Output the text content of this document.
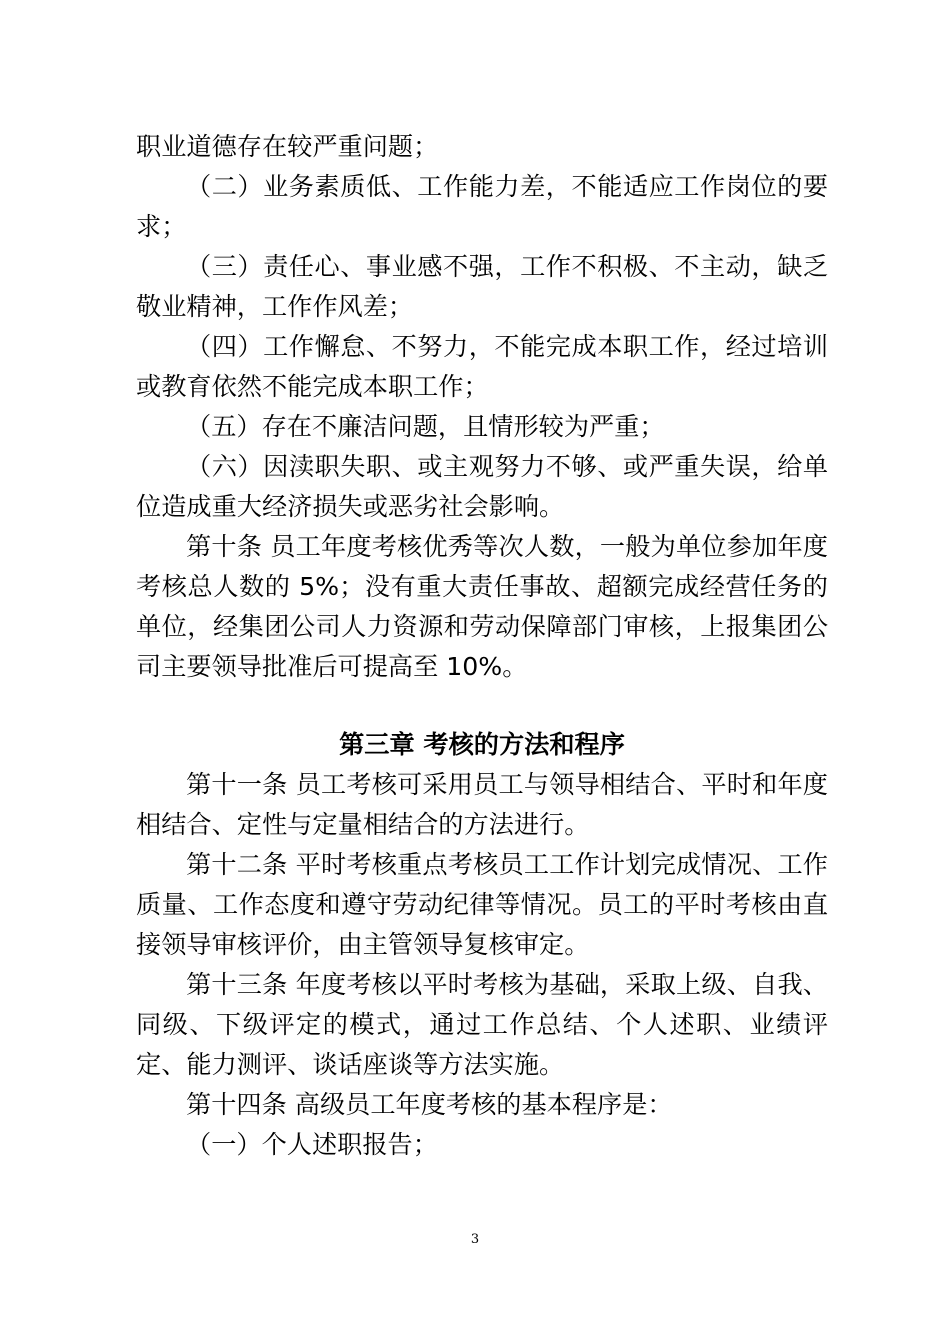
职业道德存在较严重问题；

（二）业务素质低、工作能力差，不能适应工作岗位的要求；

（三）责任心、事业感不强，工作不积极、不主动，缺乏敬业精神，工作作风差；

（四）工作懈怠、不努力，不能完成本职工作，经过培训或教育依然不能完成本职工作；

（五）存在不廉洁问题，且情形较为严重；

（六）因渎职失职、或主观努力不够、或严重失误，给单位造成重大经济损失或恶劣社会影响。

第十条 员工年度考核优秀等次人数，一般为单位参加年度考核总人数的 5%；没有重大责任事故、超额完成经营任务的单位，经集团公司人力资源和劳动保障部门审核，上报集团公司主要领导批准后可提高至 10%。

第三章 考核的方法和程序

第十一条 员工考核可采用员工与领导相结合、平时和年度相结合、定性与定量相结合的方法进行。

第十二条 平时考核重点考核员工工作计划完成情况、工作质量、工作态度和遵守劳动纪律等情况。员工的平时考核由直接领导审核评价，由主管领导复核审定。

第十三条 年度考核以平时考核为基础，采取上级、自我、同级、下级评定的模式，通过工作总结、个人述职、业绩评定、能力测评、谈话座谈等方法实施。

第十四条 高级员工年度考核的基本程序是：

（一）个人述职报告；

3
